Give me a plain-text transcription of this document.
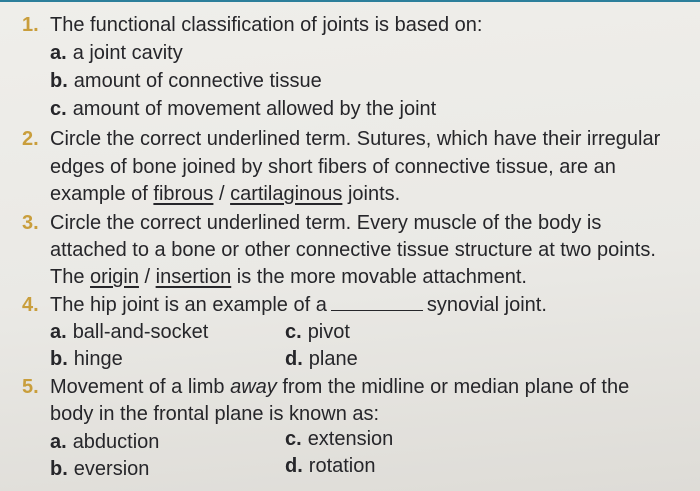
1. The functional classification of joints is based on:
a. a joint cavity
b. amount of connective tissue
c. amount of movement allowed by the joint
2. Circle the correct underlined term. Sutures, which have their irregular
edges of bone joined by short fibers of connective tissue, are an
example of fibrous / cartilaginous joints.
3. Circle the correct underlined term. Every muscle of the body is
attached to a bone or other connective tissue structure at two points.
The origin / insertion is the more movable attachment.
4. The hip joint is an example of a	synovial joint.
a. ball-and-socket	c. pivot
b. hinge	d. plane
5. Movement of a limb away from the midline or median plane of the
body in the frontal plane is known as:
a. abduction	c. extension
b. eversion	d. rotation
